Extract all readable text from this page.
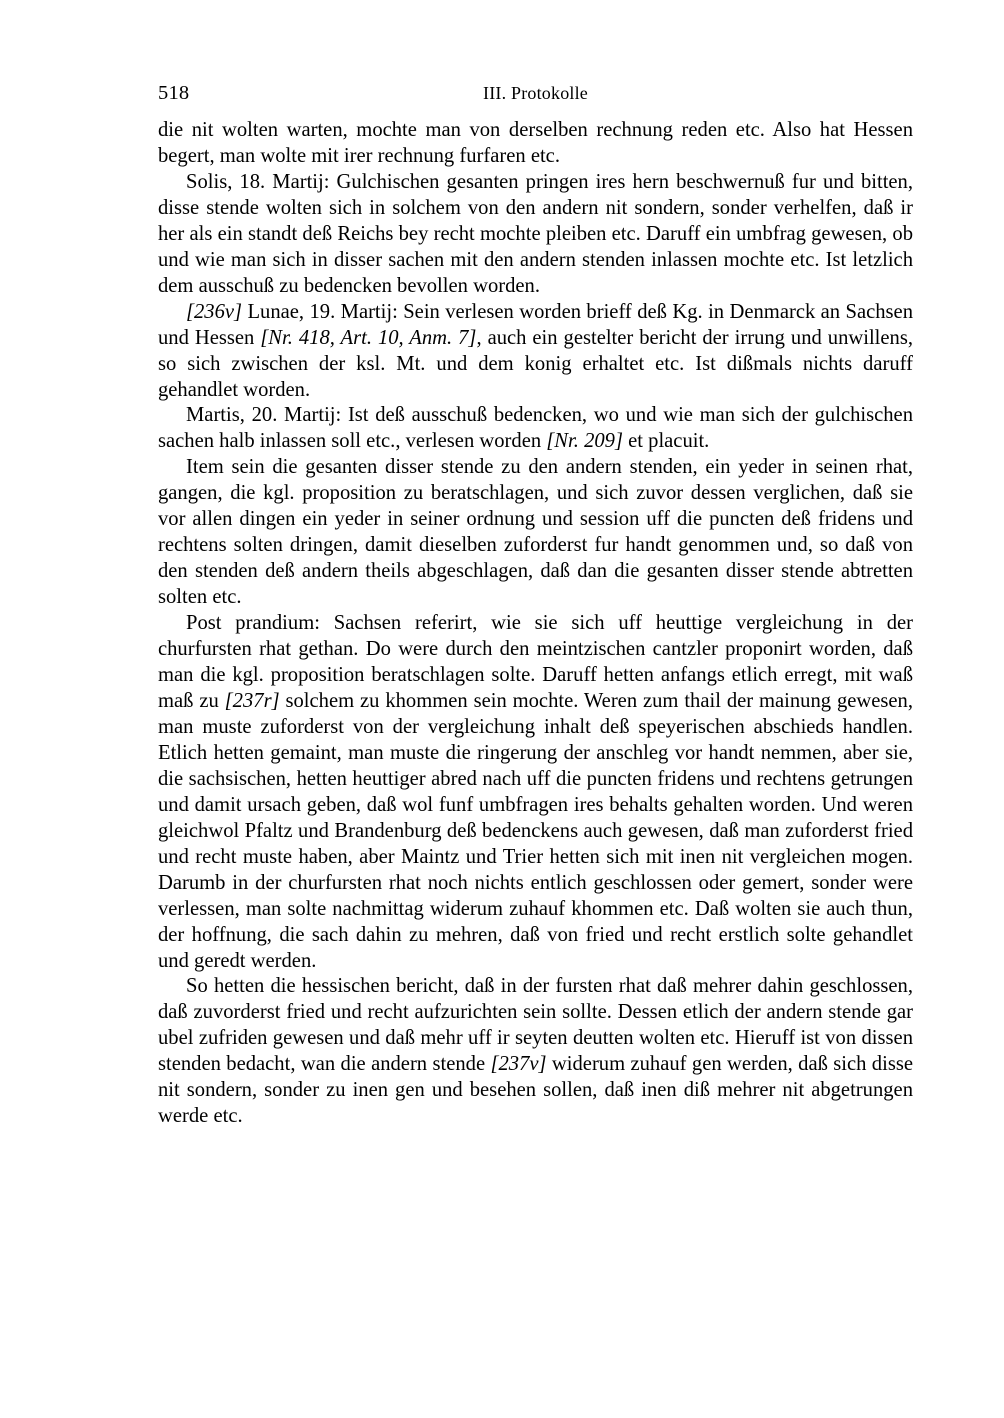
518	III. Protokolle

die nit wolten warten, mochte man von derselben rechnung reden etc. Also hat Hessen begert, man wolte mit irer rechnung furfaren etc.

Solis, 18. Martij: Gulchischen gesanten pringen ires hern beschwernuß fur und bitten, disse stende wolten sich in solchem von den andern nit sondern, sonder verhelfen, daß ir her als ein standt deß Reichs bey recht mochte pleiben etc. Daruff ein umbfrag gewesen, ob und wie man sich in disser sachen mit den andern stenden inlassen mochte etc. Ist letzlich dem ausschuß zu bedencken bevollen worden.

[236v] Lunae, 19. Martij: Sein verlesen worden brieff deß Kg. in Denmarck an Sachsen und Hessen [Nr. 418, Art. 10, Anm. 7], auch ein gestelter bericht der irrung und unwillens, so sich zwischen der ksl. Mt. und dem konig erhaltet etc. Ist dißmals nichts daruff gehandlet worden.

Martis, 20. Martij: Ist deß ausschuß bedencken, wo und wie man sich der gulchischen sachen halb inlassen soll etc., verlesen worden [Nr. 209] et placuit.

Item sein die gesanten disser stende zu den andern stenden, ein yeder in seinen rhat, gangen, die kgl. proposition zu beratschlagen, und sich zuvor dessen verglichen, daß sie vor allen dingen ein yeder in seiner ordnung und session uff die puncten deß fridens und rechtens solten dringen, damit dieselben zuforderst fur handt genommen und, so daß von den stenden deß andern theils abgeschlagen, daß dan die gesanten disser stende abtretten solten etc.

Post prandium: Sachsen referirt, wie sie sich uff heuttige vergleichung in der churfursten rhat gethan. Do were durch den meintzischen cantzler proponirt worden, daß man die kgl. proposition beratschlagen solte. Daruff hetten anfangs etlich erregt, mit waß maß zu [237r] solchem zu khommen sein mochte. Weren zum thail der mainung gewesen, man muste zuforderst von der vergleichung inhalt deß speyerischen abschieds handlen. Etlich hetten gemaint, man muste die ringerung der anschleg vor handt nemmen, aber sie, die sachsischen, hetten heuttiger abred nach uff die puncten fridens und rechtens getrungen und damit ursach geben, daß wol funf umbfragen ires behalts gehalten worden. Und weren gleichwol Pfaltz und Brandenburg deß bedenckens auch gewesen, daß man zuforderst fried und recht muste haben, aber Maintz und Trier hetten sich mit inen nit vergleichen mogen. Darumb in der churfursten rhat noch nichts entlich geschlossen oder gemert, sonder were verlessen, man solte nachmittag widerum zuhauf khommen etc. Daß wolten sie auch thun, der hoffnung, die sach dahin zu mehren, daß von fried und recht erstlich solte gehandlet und geredt werden.

So hetten die hessischen bericht, daß in der fursten rhat daß mehrer dahin geschlossen, daß zuvorderst fried und recht aufzurichten sein sollte. Dessen etlich der andern stende gar ubel zufriden gewesen und daß mehr uff ir seyten deutten wolten etc. Hieruff ist von dissen stenden bedacht, wan die andern stende [237v] widerum zuhauf gen werden, daß sich disse nit sondern, sonder zu inen gen und besehen sollen, daß inen diß mehrer nit abgetrungen werde etc.
